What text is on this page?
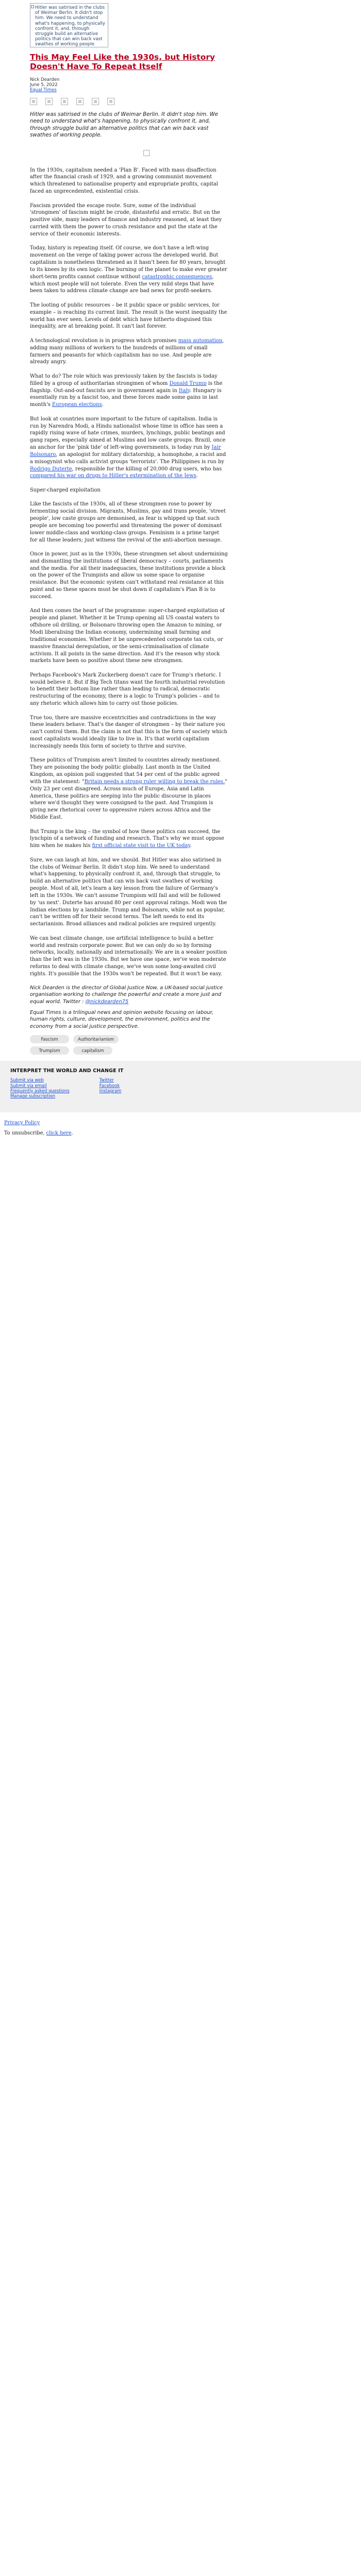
Hitler was satirised in the clubs of Weimar Berlin. It didn't stop him. We need to understand what's happening, to physically confront it, and, through struggle build an alternative politics that can win back vast swathes of working people
This May Feel Like the 1930s, but History Doesn't Have To Repeat Itself
Nick Dearden
June 5, 2022
Equal Times
Hitler was satirised in the clubs of Weimar Berlin. It didn't stop him. We need to understand what's happening, to physically confront it, and, through struggle build an alternative politics that can win back vast swathes of working people.

In the 1930s, capitalism needed a 'Plan B'. Faced with mass disaffection after the financial crash of 1929, and a growing communist movement which threatened to nationalise property and expropriate profits, capital faced an unprecedented, existential crisis.

Fascism provided the escape route. Sure, some of the individual 'strongmen' of fascism might be crude, distasteful and erratic. But on the positive side, many leaders of finance and industry reasoned, at least they carried with them the power to crush resistance and put the state at the service of their economic interests.

Today, history is repeating itself. Of course, we don't have a left-wing movement on the verge of taking power across the developed world. But capitalism is nonetheless threatened as it hasn't been for 80 years, brought to its knees by its own logic. The burning of the planet to make ever greater short-term profits cannot continue without catastrophic consequences, which most people will not tolerate. Even the very mild steps that have been taken to address climate change are bad news for profit-seekers.

The looting of public resources – be it public space or public services, for example – is reaching its current limit. The result is the worst inequality the world has ever seen. Levels of debt which have hitherto disguised this inequality, are at breaking point. It can't last forever.

A technological revolution is in progress which promises mass automation, adding many millions of workers to the hundreds of millions of small farmers and peasants for which capitalism has no use. And people are already angry.

What to do? The role which was previously taken by the fascists is today filled by a group of authoritarian strongmen of whom Donald Trump is the flagship. Out-and-out fascists are in government again in Italy. Hungary is essentially run by a fascist too, and these forces made some gains in last month's European elections.

But look at countries more important to the future of capitalism. India is run by Narendra Modi, a Hindu nationalist whose time in office has seen a rapidly rising wave of hate crimes, murders, lynchings, public beatings and gang rapes, especially aimed at Muslims and low caste groups. Brazil, once an anchor for the 'pink tide' of left-wing governments, is today run by Jair Bolsonaro, an apologist for military dictatorship, a homophobe, a racist and a misogynist who calls activist groups 'terrorists'. The Philippines is run by Rodrigo Duterte, responsible for the killing of 20,000 drug users, who has compared his war on drugs to Hitler's extermination of the Jews.

Super-charged exploitation

Like the fascists of the 1930s, all of these strongmen rose to power by fermenting social division. Migrants, Muslims, gay and trans people, 'street people', low caste groups are demonised, as fear is whipped up that such people are becoming too powerful and threatening the power of dominant lower middle-class and working-class groups. Feminism is a prime target for all these leaders; just witness the revival of the anti-abortion message.

Once in power, just as in the 1930s, these strongmen set about undermining and dismantling the institutions of liberal democracy – courts, parliaments and the media. For all their inadequacies, these institutions provide a block on the power of the Trumpists and allow us some space to organise resistance. But the economic system can't withstand real resistance at this point and so these spaces must be shut down if capitalism's Plan B is to succeed.

And then comes the heart of the programme: super-charged exploitation of people and planet. Whether it be Trump opening all US coastal waters to offshore oil drilling, or Bolsonaro throwing open the Amazon to mining, or Modi liberalising the Indian economy, undermining small farming and traditional economies. Whether it be unprecedented corporate tax cuts, or massive financial deregulation, or the semi-criminalisation of climate activism. It all points in the same direction. And it's the reason why stock markets have been so positive about these new strongmen.

Perhaps Facebook's Mark Zuckerberg doesn't care for Trump's rhetoric. I would believe it. But if Big Tech titans want the fourth industrial revolution to benefit their bottom line rather than leading to radical, democratic restructuring of the economy, there is a logic to Trump's policies – and to any rhetoric which allows him to carry out those policies.

True too, there are massive eccentricities and contradictions in the way these leaders behave. That's the danger of strongmen – by their nature you can't control them. But the claim is not that this is the form of society which most capitalists would ideally like to live in. It's that world capitalism increasingly needs this form of society to thrive and survive.

These politics of Trumpism aren't limited to countries already mentioned. They are poisoning the body politic globally. Last month in the United Kingdom, an opinion poll suggested that 54 per cent of the public agreed with the statement: "Britain needs a strong ruler willing to break the rules." Only 23 per cent disagreed. Across much of Europe, Asia and Latin America, these politics are seeping into the public discourse in places where we'd thought they were consigned to the past. And Trumpism is giving new rhetorical cover to oppressive rulers across Africa and the Middle East.

But Trump is the king – the symbol of how these politics can succeed, the lynchpin of a network of funding and research. That's why we must oppose him when he makes his first official state visit to the UK today.

Sure, we can laugh at him, and we should. But Hitler was also satirised in the clubs of Weimar Berlin. It didn't stop him. We need to understand what's happening, to physically confront it, and, through that struggle, to build an alternative politics that can win back vast swathes of working people. Most of all, let's learn a key lesson from the failure of Germany's left in the 1930s. We can't assume Trumpism will fail and will be followed by 'us next'. Duterte has around 80 per cent approval ratings. Modi won the Indian elections by a landslide. Trump and Bolsonaro, while not as popular, can't be written off for their second terms. The left needs to end its sectarianism. Broad alliances and radical policies are required urgently.

We can beat climate change, use artificial intelligence to build a better world and restrain corporate power. But we can only do so by forming networks, locally, nationally and internationally. We are in a weaker position than the left was in the 1930s. But we have one space, we've won moderate reforms to deal with climate change, we've won some long-awaited civil rights. It's possible that the 1930s won't be repeated. But it won't be easy.

Nick Dearden is the director of Global Justice Now, a UK-based social justice organisation working to challenge the powerful and create a more just and equal world. Twitter : @nickdearden75
Equal Times is a trilingual news and opinion website focusing on labour, human rights, culture, development, the environment, politics and the economy from a social justice perspective.
Fascism	Authoritarianism
Trumpism	capitalism
INTERPRET THE WORLD AND CHANGE IT
Submit via web
Submit via email
Frequently asked questions
Manage subscription
Twitter
Facebook
Instagram
Privacy Policy
To unsubscribe, click here.
